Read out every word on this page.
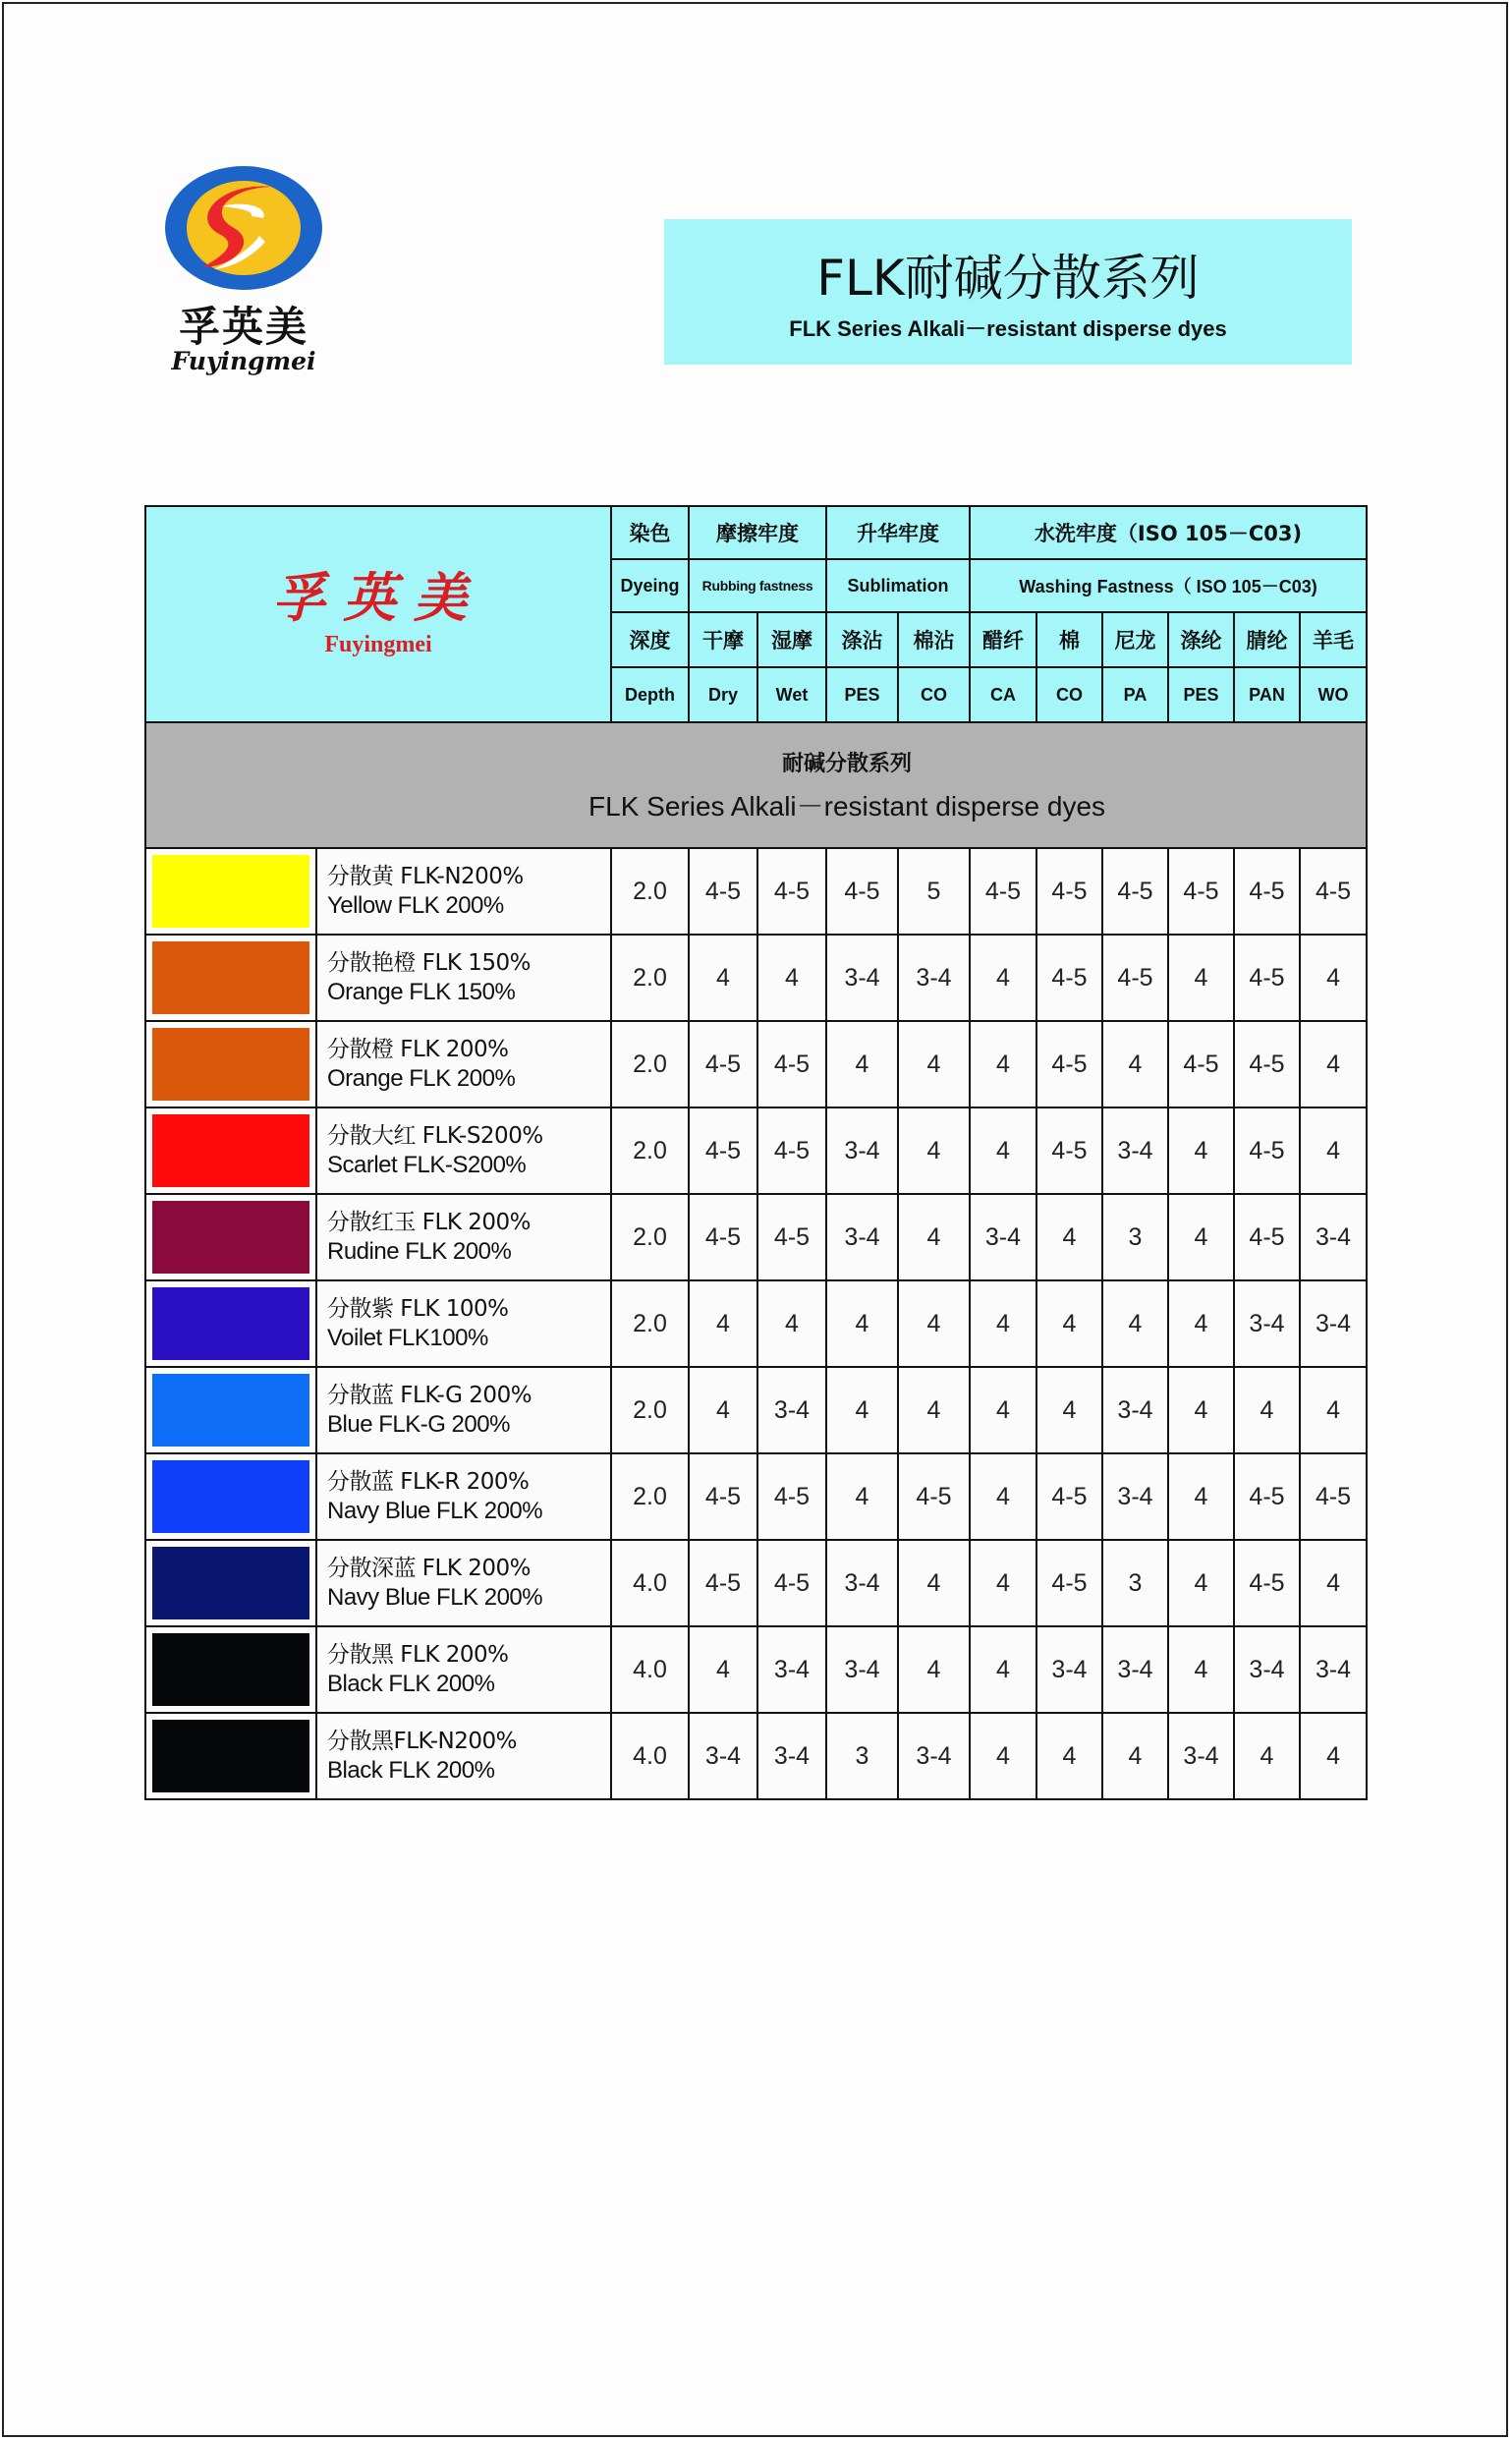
孚英美
Fuyingmei
FLK耐碱分散系列
FLK Series Alkali－resistant disperse dyes
孚英美
Fuyingmei		染色	摩擦牢度		升华牢度		水洗牢度（ISO 105－C03)					
		Dyeing	Rubbing fastness		Sublimation		Washing Fastness（ ISO 105－C03)					
		深度	干摩	湿摩	涤沾	棉沾	醋纤	棉	尼龙	涤纶	腈纶	羊毛
		Depth	Dry	Wet	PES	CO	CA	CO	PA	PES	PAN	WO

耐碱分散系列
FLK Series Alkali－resistant disperse dyes												

	分散黄 FLK-N200%
Yellow FLK 200%	2.0	4-5	4-5	4-5	5	4-5	4-5	4-5	4-5	4-5	4-5

	分散艳橙 FLK 150%
Orange FLK 150%	2.0	4	4	3-4	3-4	4	4-5	4-5	4	4-5	4

	分散橙 FLK 200%
Orange FLK 200%	2.0	4-5	4-5	4	4	4	4-5	4	4-5	4-5	4

	分散大红 FLK-S200%
Scarlet FLK-S200%	2.0	4-5	4-5	3-4	4	4	4-5	3-4	4	4-5	4

	分散红玉 FLK 200%
Rudine FLK 200%	2.0	4-5	4-5	3-4	4	3-4	4	3	4	4-5	3-4

	分散紫 FLK 100%
Voilet FLK100%	2.0	4	4	4	4	4	4	4	4	3-4	3-4

	分散蓝 FLK-G 200%
Blue FLK-G 200%	2.0	4	3-4	4	4	4	4	3-4	4	4	4

	分散蓝 FLK-R 200%
Navy Blue FLK 200%	2.0	4-5	4-5	4	4-5	4	4-5	3-4	4	4-5	4-5

	分散深蓝 FLK 200%
Navy Blue FLK 200%	4.0	4-5	4-5	3-4	4	4	4-5	3	4	4-5	4

	分散黑 FLK 200%
Black FLK 200%	4.0	4	3-4	3-4	4	4	3-4	3-4	4	3-4	3-4

	分散黑FLK-N200%
Black FLK 200%	4.0	3-4	3-4	3	3-4	4	4	4	3-4	4	4
